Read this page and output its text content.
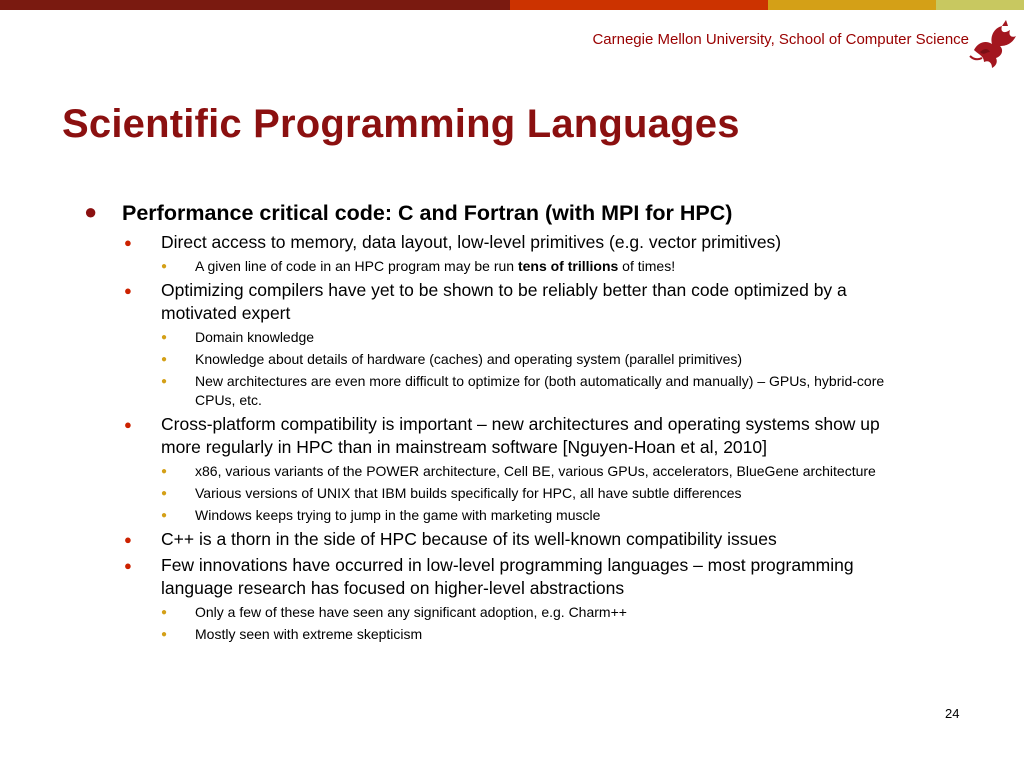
Carnegie Mellon University, School of Computer Science
Scientific Programming Languages
● Performance critical code: C and Fortran (with MPI for HPC)
● Direct access to memory, data layout, low-level primitives (e.g. vector primitives)
● A given line of code in an HPC program may be run tens of trillions of times!
● Optimizing compilers have yet to be shown to be reliably better than code optimized by a motivated expert
● Domain knowledge
● Knowledge about details of hardware (caches) and operating system (parallel primitives)
● New architectures are even more difficult to optimize for (both automatically and manually) – GPUs, hybrid-core CPUs, etc.
● Cross-platform compatibility is important – new architectures and operating systems show up more regularly in HPC than in mainstream software [Nguyen-Hoan et al, 2010]
● x86, various variants of the POWER architecture, Cell BE, various GPUs, accelerators, BlueGene architecture
● Various versions of UNIX that IBM builds specifically for HPC, all have subtle differences
● Windows keeps trying to jump in the game with marketing muscle
● C++ is a thorn in the side of HPC because of its well-known compatibility issues
● Few innovations have occurred in low-level programming languages – most programming language research has focused on higher-level abstractions
● Only a few of these have seen any significant adoption, e.g. Charm++
● Mostly seen with extreme skepticism
24
